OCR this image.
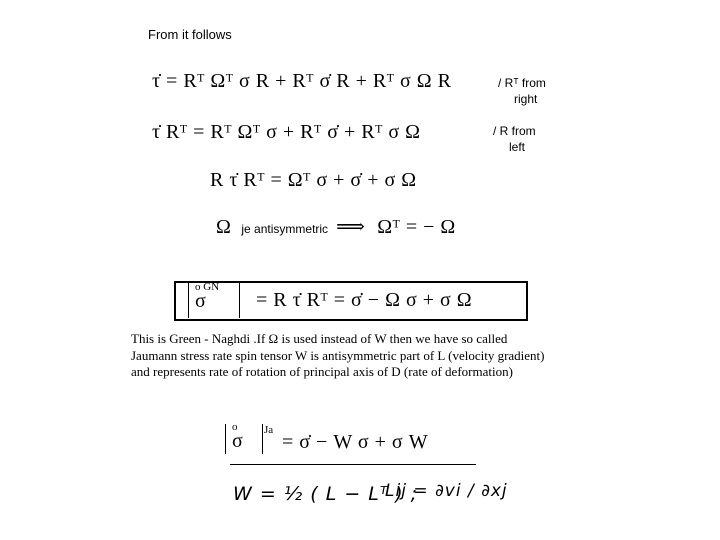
From it follows
τ̇ = Rᵀ Ωᵀ σ R + Rᵀ σ̇ R + Rᵀ σ Ω R	/ Rᵀ from
right
τ̇ Rᵀ = Rᵀ Ωᵀ σ + Rᵀ σ̇ + Rᵀ σ Ω	/ R from
left
R τ̇ Rᵀ = Ωᵀ σ + σ̇ + σ Ω
Ω je antisymmetric ⟹ Ωᵀ = − Ω
o GN
σ = R τ̇ Rᵀ = σ̇ − Ω σ + σ Ω
This is Green - Naghdi .If Ω is used instead of W then we have so called
Jaumann stress rate spin tensor W is antisymmetric part of L (velocity gradient)
and represents rate of rotation of principal axis of D (rate of deformation)
o
σ Ja
= σ̇ − W σ + σ W
W = ½ ( L − Lᵀ ) ;
Lij = ∂vi / ∂xj
